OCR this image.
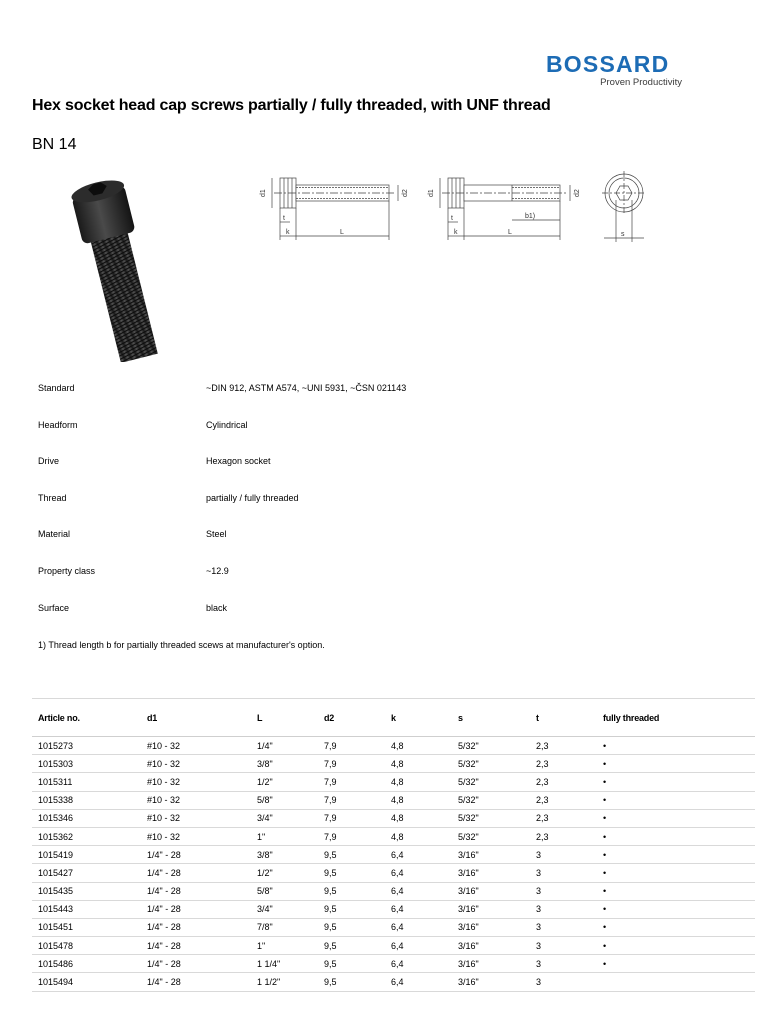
BOSSARD
Proven Productivity
Hex socket head cap screws partially / fully threaded, with UNF thread
BN 14
d1	d2
t
k	L
d1	d2
t
k
b1)
L	s
Standard	~DIN 912, ASTM A574, ~UNI 5931, ~ČSN 021143
Headform	Cylindrical
Drive	Hexagon socket
Thread	partially / fully threaded
Material	Steel
Property class	~12.9
Surface	black
1) Thread length b for partially threaded scews at manufacturer's option.
Article no.	d1	L	d2	k	s	t	fully threaded
1015273	#10 - 32	1/4"	7,9	4,8	5/32"	2,3	•
1015303	#10 - 32	3/8"	7,9	4,8	5/32"	2,3	•
1015311	#10 - 32	1/2"	7,9	4,8	5/32"	2,3	•
1015338	#10 - 32	5/8"	7,9	4,8	5/32"	2,3	•
1015346	#10 - 32	3/4"	7,9	4,8	5/32"	2,3	•
1015362	#10 - 32	1"	7,9	4,8	5/32"	2,3	•
1015419	1/4" - 28	3/8"	9,5	6,4	3/16"	3	•
1015427	1/4" - 28	1/2"	9,5	6,4	3/16"	3	•
1015435	1/4" - 28	5/8"	9,5	6,4	3/16"	3	•
1015443	1/4" - 28	3/4"	9,5	6,4	3/16"	3	•
1015451	1/4" - 28	7/8"	9,5	6,4	3/16"	3	•
1015478	1/4" - 28	1"	9,5	6,4	3/16"	3	•
1015486	1/4" - 28	1 1/4"	9,5	6,4	3/16"	3	•
1015494	1/4" - 28	1 1/2"	9,5	6,4	3/16"	3	
